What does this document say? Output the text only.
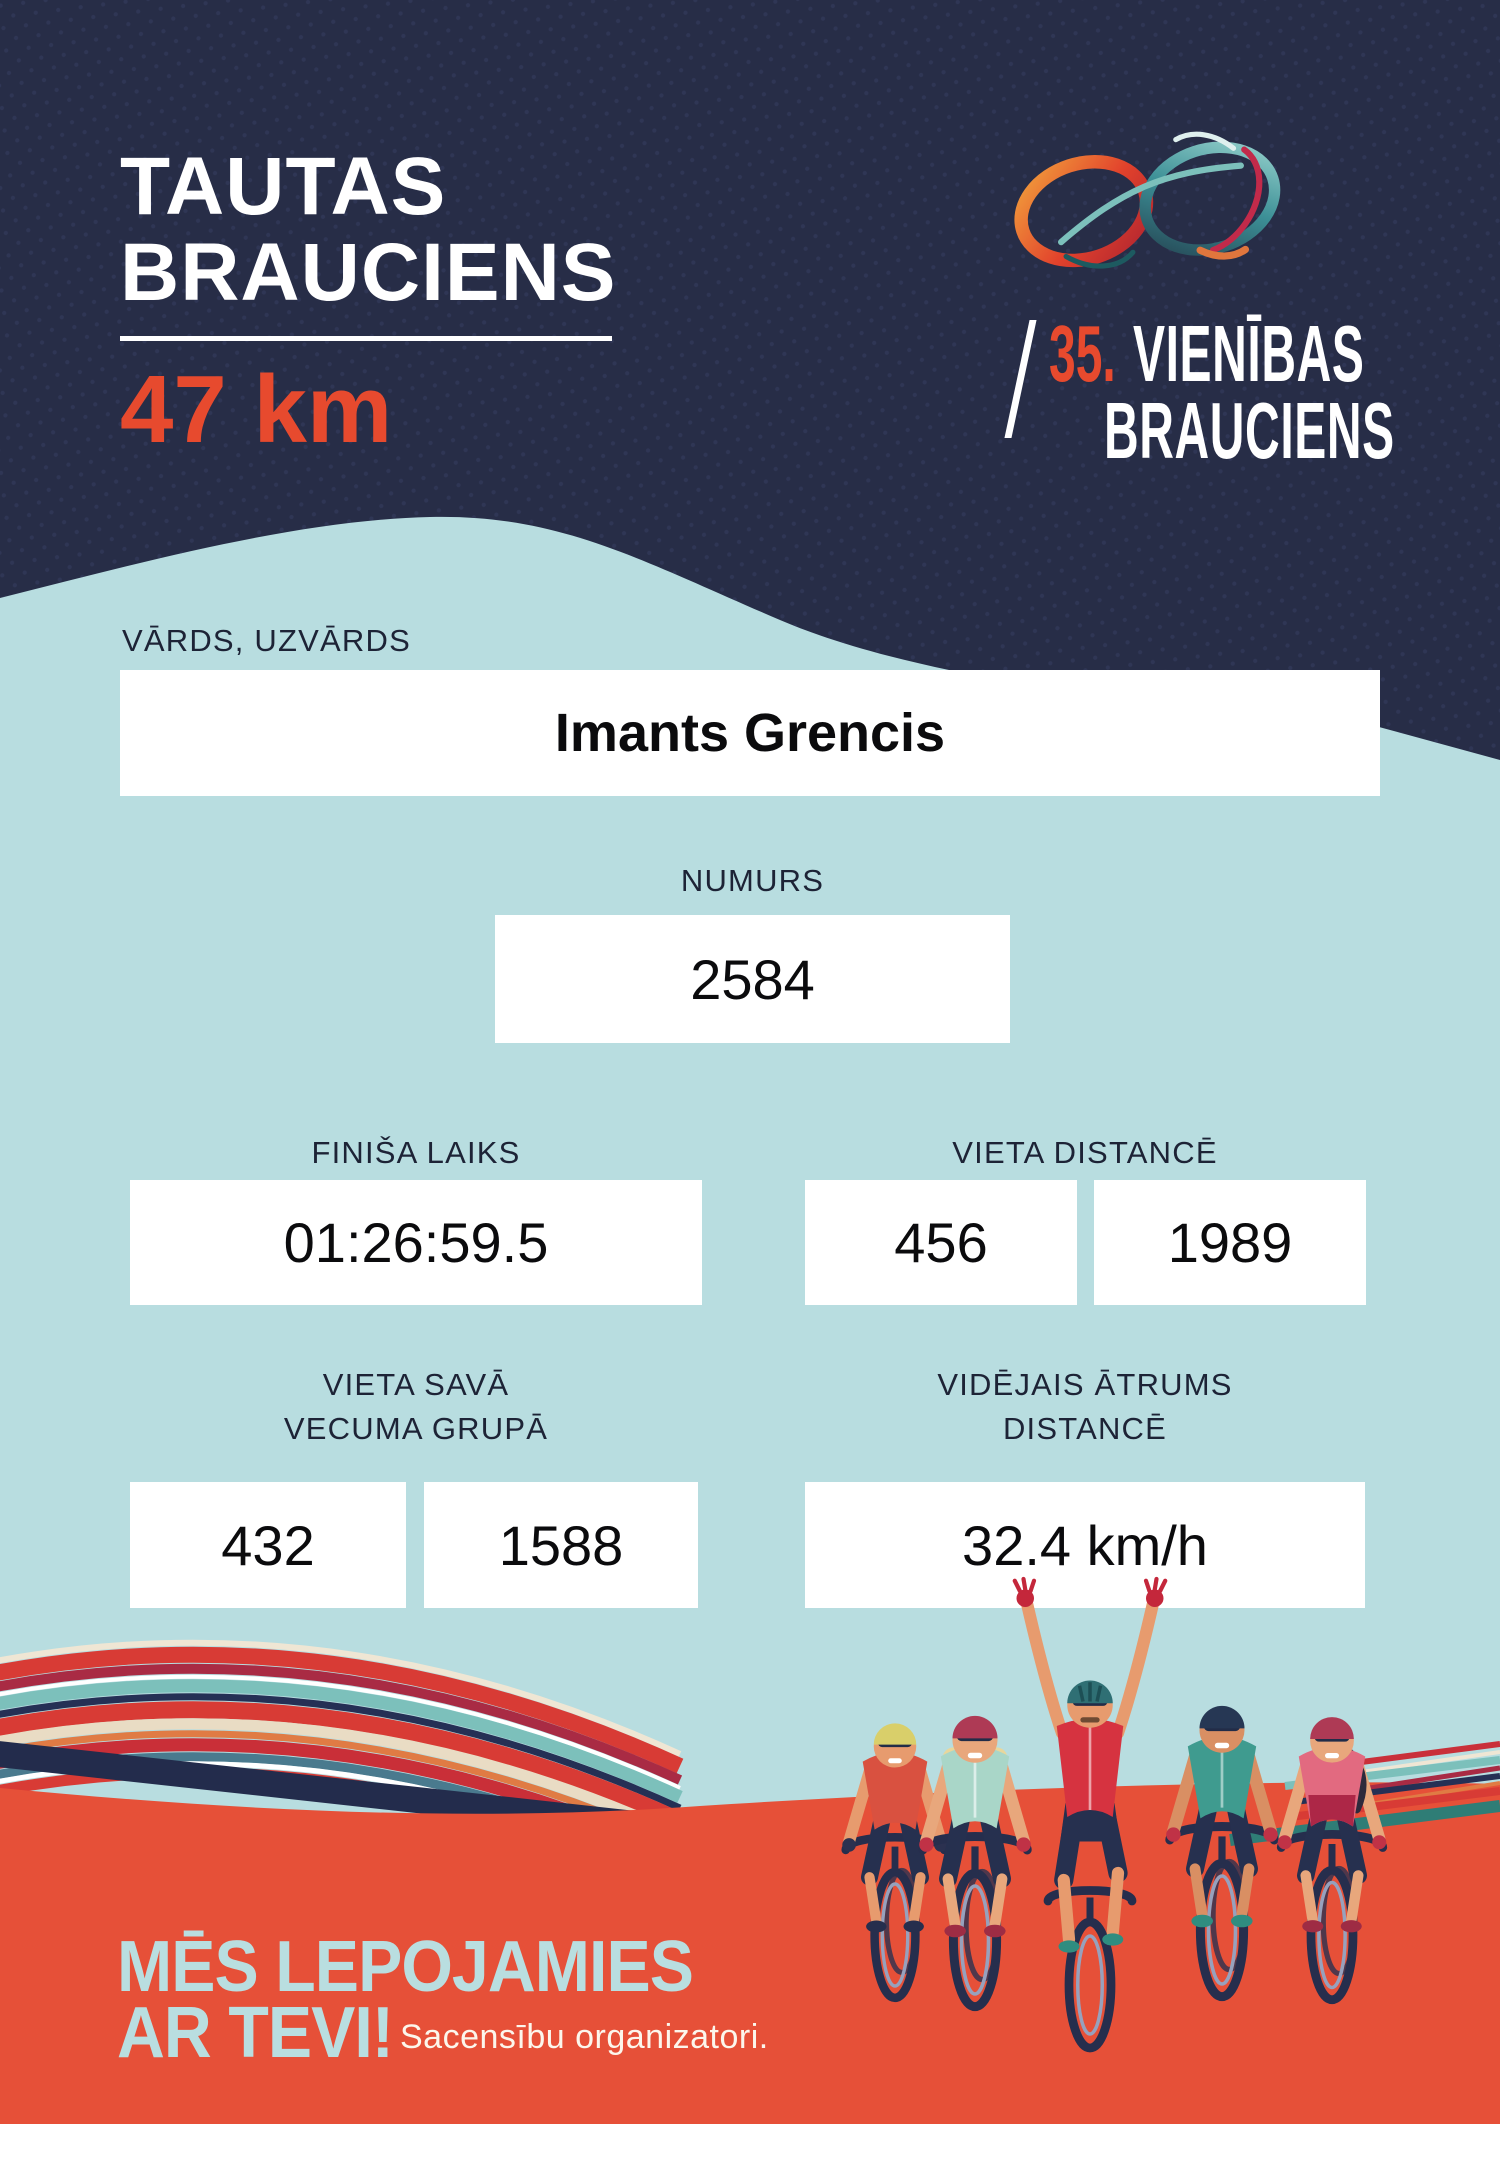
TAUTAS
BRAUCIENS
47 km
35. VIENĪBAS
BRAUCIENS
VĀRDS, UZVĀRDS
Imants Grencis
NUMURS
2584
FINIŠA LAIKS
01:26:59.5
VIETA DISTANCĒ
456	1989
VIETA SAVĀ
VECUMA GRUPĀ
432	1588
VIDĒJAIS ĀTRUMS
DISTANCĒ
32.4 km/h
MĒS LEPOJAMIES
AR TEVI! Sacensību organizatori.
